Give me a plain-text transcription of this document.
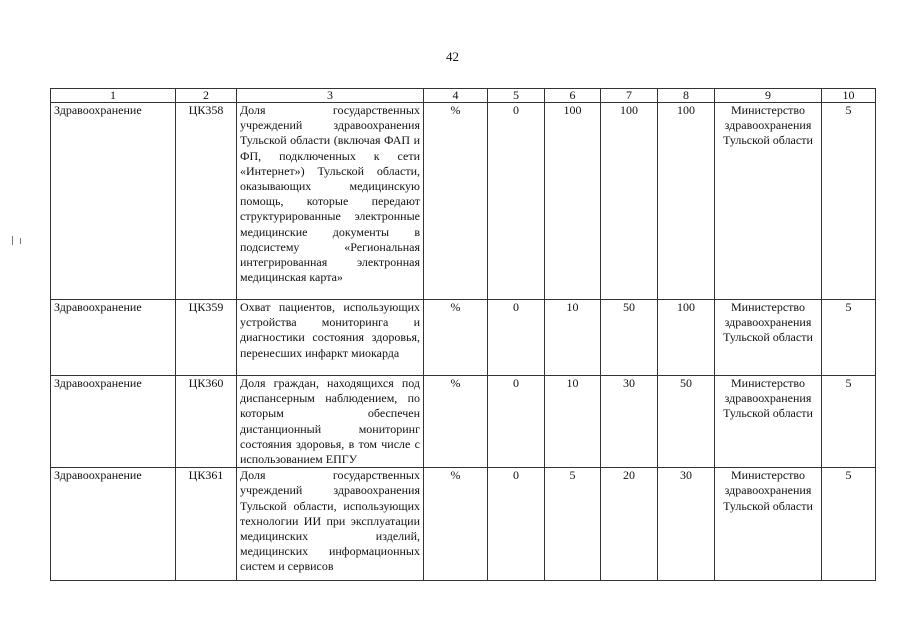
42
1	2	3	4	5	6	7	8	9	10
Здравоохранение	ЦК358	Доля государственных учреждений здравоохранения Тульской области (включая ФАП и ФП, подключенных к сети «Интернет») Тульской области, оказывающих медицинскую помощь, которые передают структурированные электронные медицинские документы в подсистему «Региональная интегрированная электронная медицинская карта»	%	0	100	100	100	Министерство здравоохранения Тульской области	5
Здравоохранение	ЦК359	Охват пациентов, использующих устройства мониторинга и диагностики состояния здоровья, перенесших инфаркт миокарда	%	0	10	50	100	Министерство здравоохранения Тульской области	5
Здравоохранение	ЦК360	Доля граждан, находящихся под диспансерным наблюдением, по которым обеспечен дистанционный мониторинг состояния здоровья, в том числе с использованием ЕПГУ	%	0	10	30	50	Министерство здравоохранения Тульской области	5
Здравоохранение	ЦК361	Доля государственных учреждений здравоохранения Тульской области, использующих технологии ИИ при эксплуатации медицинских изделий, медицинских информационных систем и сервисов	%	0	5	20	30	Министерство здравоохранения Тульской области	5
